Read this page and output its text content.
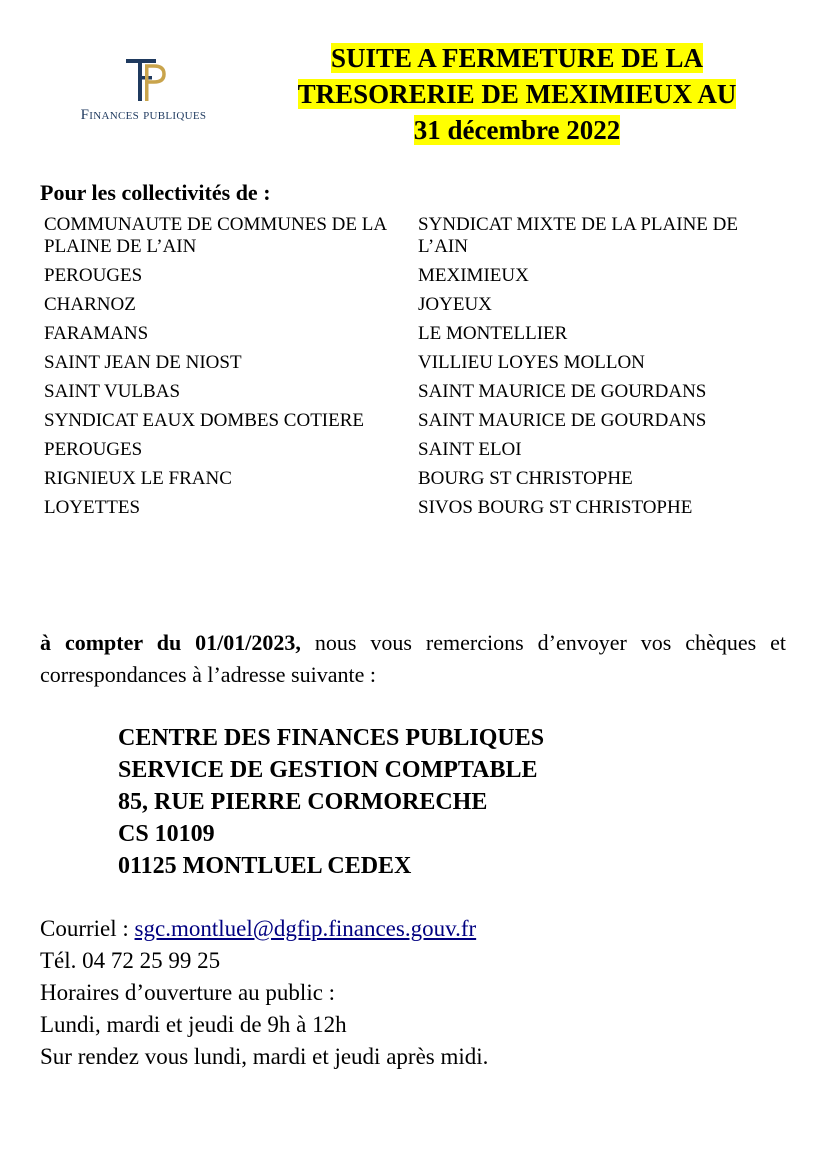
Finances publiques
SUITE A FERMETURE DE LA
TRESORERIE DE MEXIMIEUX AU
31 décembre 2022
Pour les collectivités de :
COMMUNAUTE DE COMMUNES DE LA PLAINE DE L’AIN	SYNDICAT MIXTE DE LA PLAINE DE L’AIN
PEROUGES	MEXIMIEUX
CHARNOZ	JOYEUX
FARAMANS	LE MONTELLIER
SAINT JEAN DE NIOST	VILLIEU LOYES MOLLON
SAINT VULBAS	SAINT MAURICE DE GOURDANS
SYNDICAT EAUX DOMBES COTIERE	SAINT MAURICE DE GOURDANS
PEROUGES	SAINT ELOI
RIGNIEUX LE FRANC	BOURG ST CHRISTOPHE
LOYETTES	SIVOS BOURG ST CHRISTOPHE
à compter du 01/01/2023, nous vous remercions d’envoyer vos chèques et correspondances à l’adresse suivante :
CENTRE DES FINANCES PUBLIQUES
SERVICE DE GESTION COMPTABLE
85, RUE PIERRE CORMORECHE
CS 10109
01125 MONTLUEL CEDEX
Courriel : sgc.montluel@dgfip.finances.gouv.fr
Tél. 04 72 25 99 25
Horaires d’ouverture au public :
Lundi, mardi et jeudi de 9h à 12h
Sur rendez vous lundi, mardi et jeudi après midi.
